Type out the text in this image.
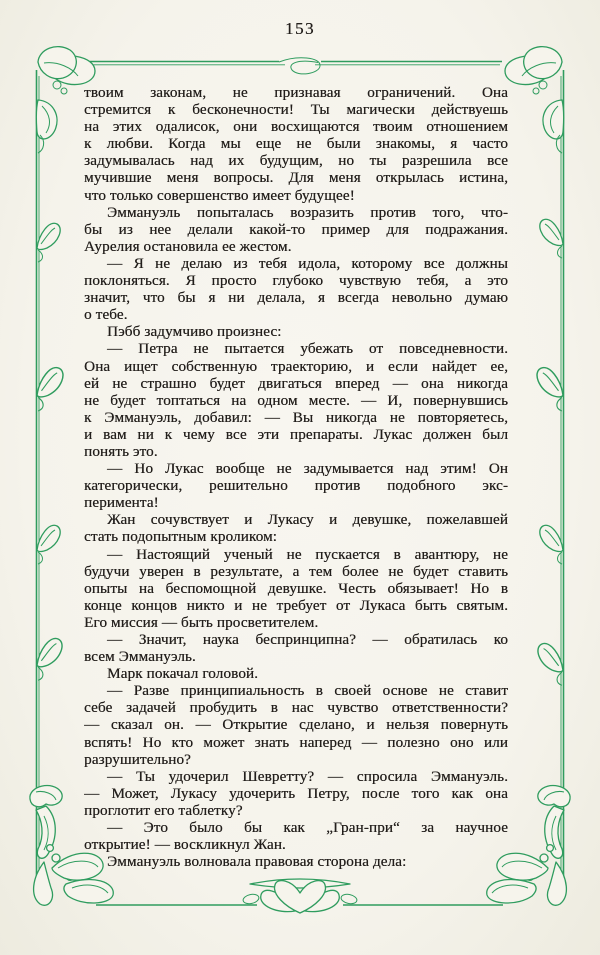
153
твоим законам, не признавая ограничений. Она
стремится к бесконечности! Ты магически действуешь
на этих одалисок, они восхищаются твоим отношением
к любви. Когда мы еще не были знакомы, я часто
задумывалась над их будущим, но ты разрешила все
мучившие меня вопросы. Для меня открылась истина,
что только совершенство имеет будущее!
Эммануэль попыталась возразить против того, что-
бы из нее делали какой-то пример для подражания.
Аурелия остановила ее жестом.
— Я не делаю из тебя идола, которому все должны
поклоняться. Я просто глубоко чувствую тебя, а это
значит, что бы я ни делала, я всегда невольно думаю
о тебе.
Пэбб задумчиво произнес:
— Петра не пытается убежать от повседневности.
Она ищет собственную траекторию, и если найдет ее,
ей не страшно будет двигаться вперед — она никогда
не будет топтаться на одном месте. — И, повернувшись
к Эммануэль, добавил: — Вы никогда не повторяетесь,
и вам ни к чему все эти препараты. Лукас должен был
понять это.
— Но Лукас вообще не задумывается над этим! Он
категорически, решительно против подобного экс-
перимента!
Жан сочувствует и Лукасу и девушке, пожелавшей
стать подопытным кроликом:
— Настоящий ученый не пускается в авантюру, не
будучи уверен в результате, а тем более не будет ставить
опыты на беспомощной девушке. Честь обязывает! Но в
конце концов никто и не требует от Лукаса быть святым.
Его миссия — быть просветителем.
— Значит, наука беспринципна? — обратилась ко
всем Эммануэль.
Марк покачал головой.
— Разве принципиальность в своей основе не ставит
себе задачей пробудить в нас чувство ответственности?
— сказал он. — Открытие сделано, и нельзя повернуть
вспять! Но кто может знать наперед — полезно оно или
разрушительно?
— Ты удочерил Шевретту? — спросила Эммануэль.
— Может, Лукасу удочерить Петру, после того как она
проглотит его таблетку?
— Это было бы как „Гран-при“ за научное
открытие! — воскликнул Жан.
Эммануэль волновала правовая сторона дела:
